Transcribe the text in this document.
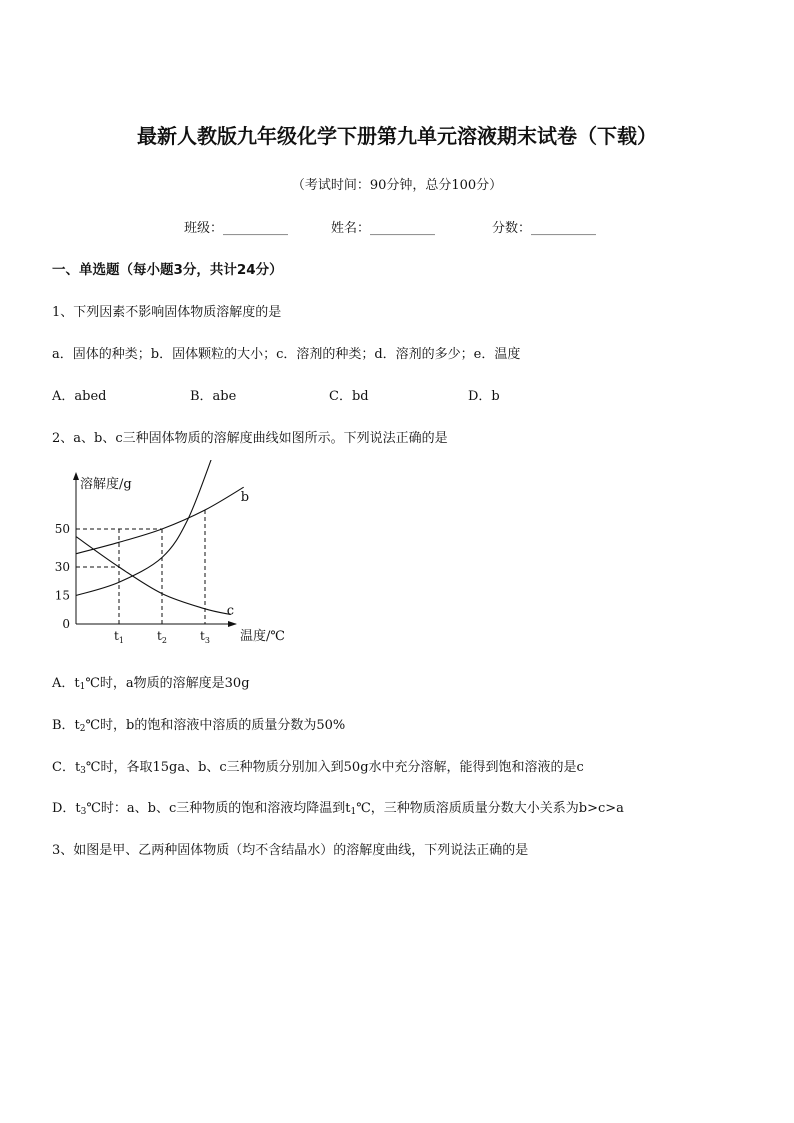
最新人教版九年级化学下册第九单元溶液期末试卷（下载）
（考试时间：90分钟，总分100分）
班级：__________	姓名：__________	分数：__________
一、单选题（每小题3分，共计24分）
1、下列因素不影响固体物质溶解度的是
a．固体的种类；b．固体颗粒的大小；c．溶剂的种类；d．溶剂的多少；e．温度
A．abed	B．abe	C．bd	D．b
2、a、b、c三种固体物质的溶解度曲线如图所示。下列说法正确的是
0
15
30
50
$t_1$	$t_2$	$t_3$
溶解度/g
温度/℃
b
c
A．$t_1℃$时，a物质的溶解度是30g
B．$t_2℃$时，b的饱和溶液中溶质的质量分数为50%
C．$t_3℃$时，各取15ga、b、c三种物质分别加入到50g水中充分溶解，能得到饱和溶液的是c
D．$t_3℃$时：a、b、c三种物质的饱和溶液均降温到$t_1℃$，三种物质溶质质量分数大小关系为b>c>a
3、如图是甲、乙两种固体物质（均不含结晶水）的溶解度曲线，下列说法正确的是
